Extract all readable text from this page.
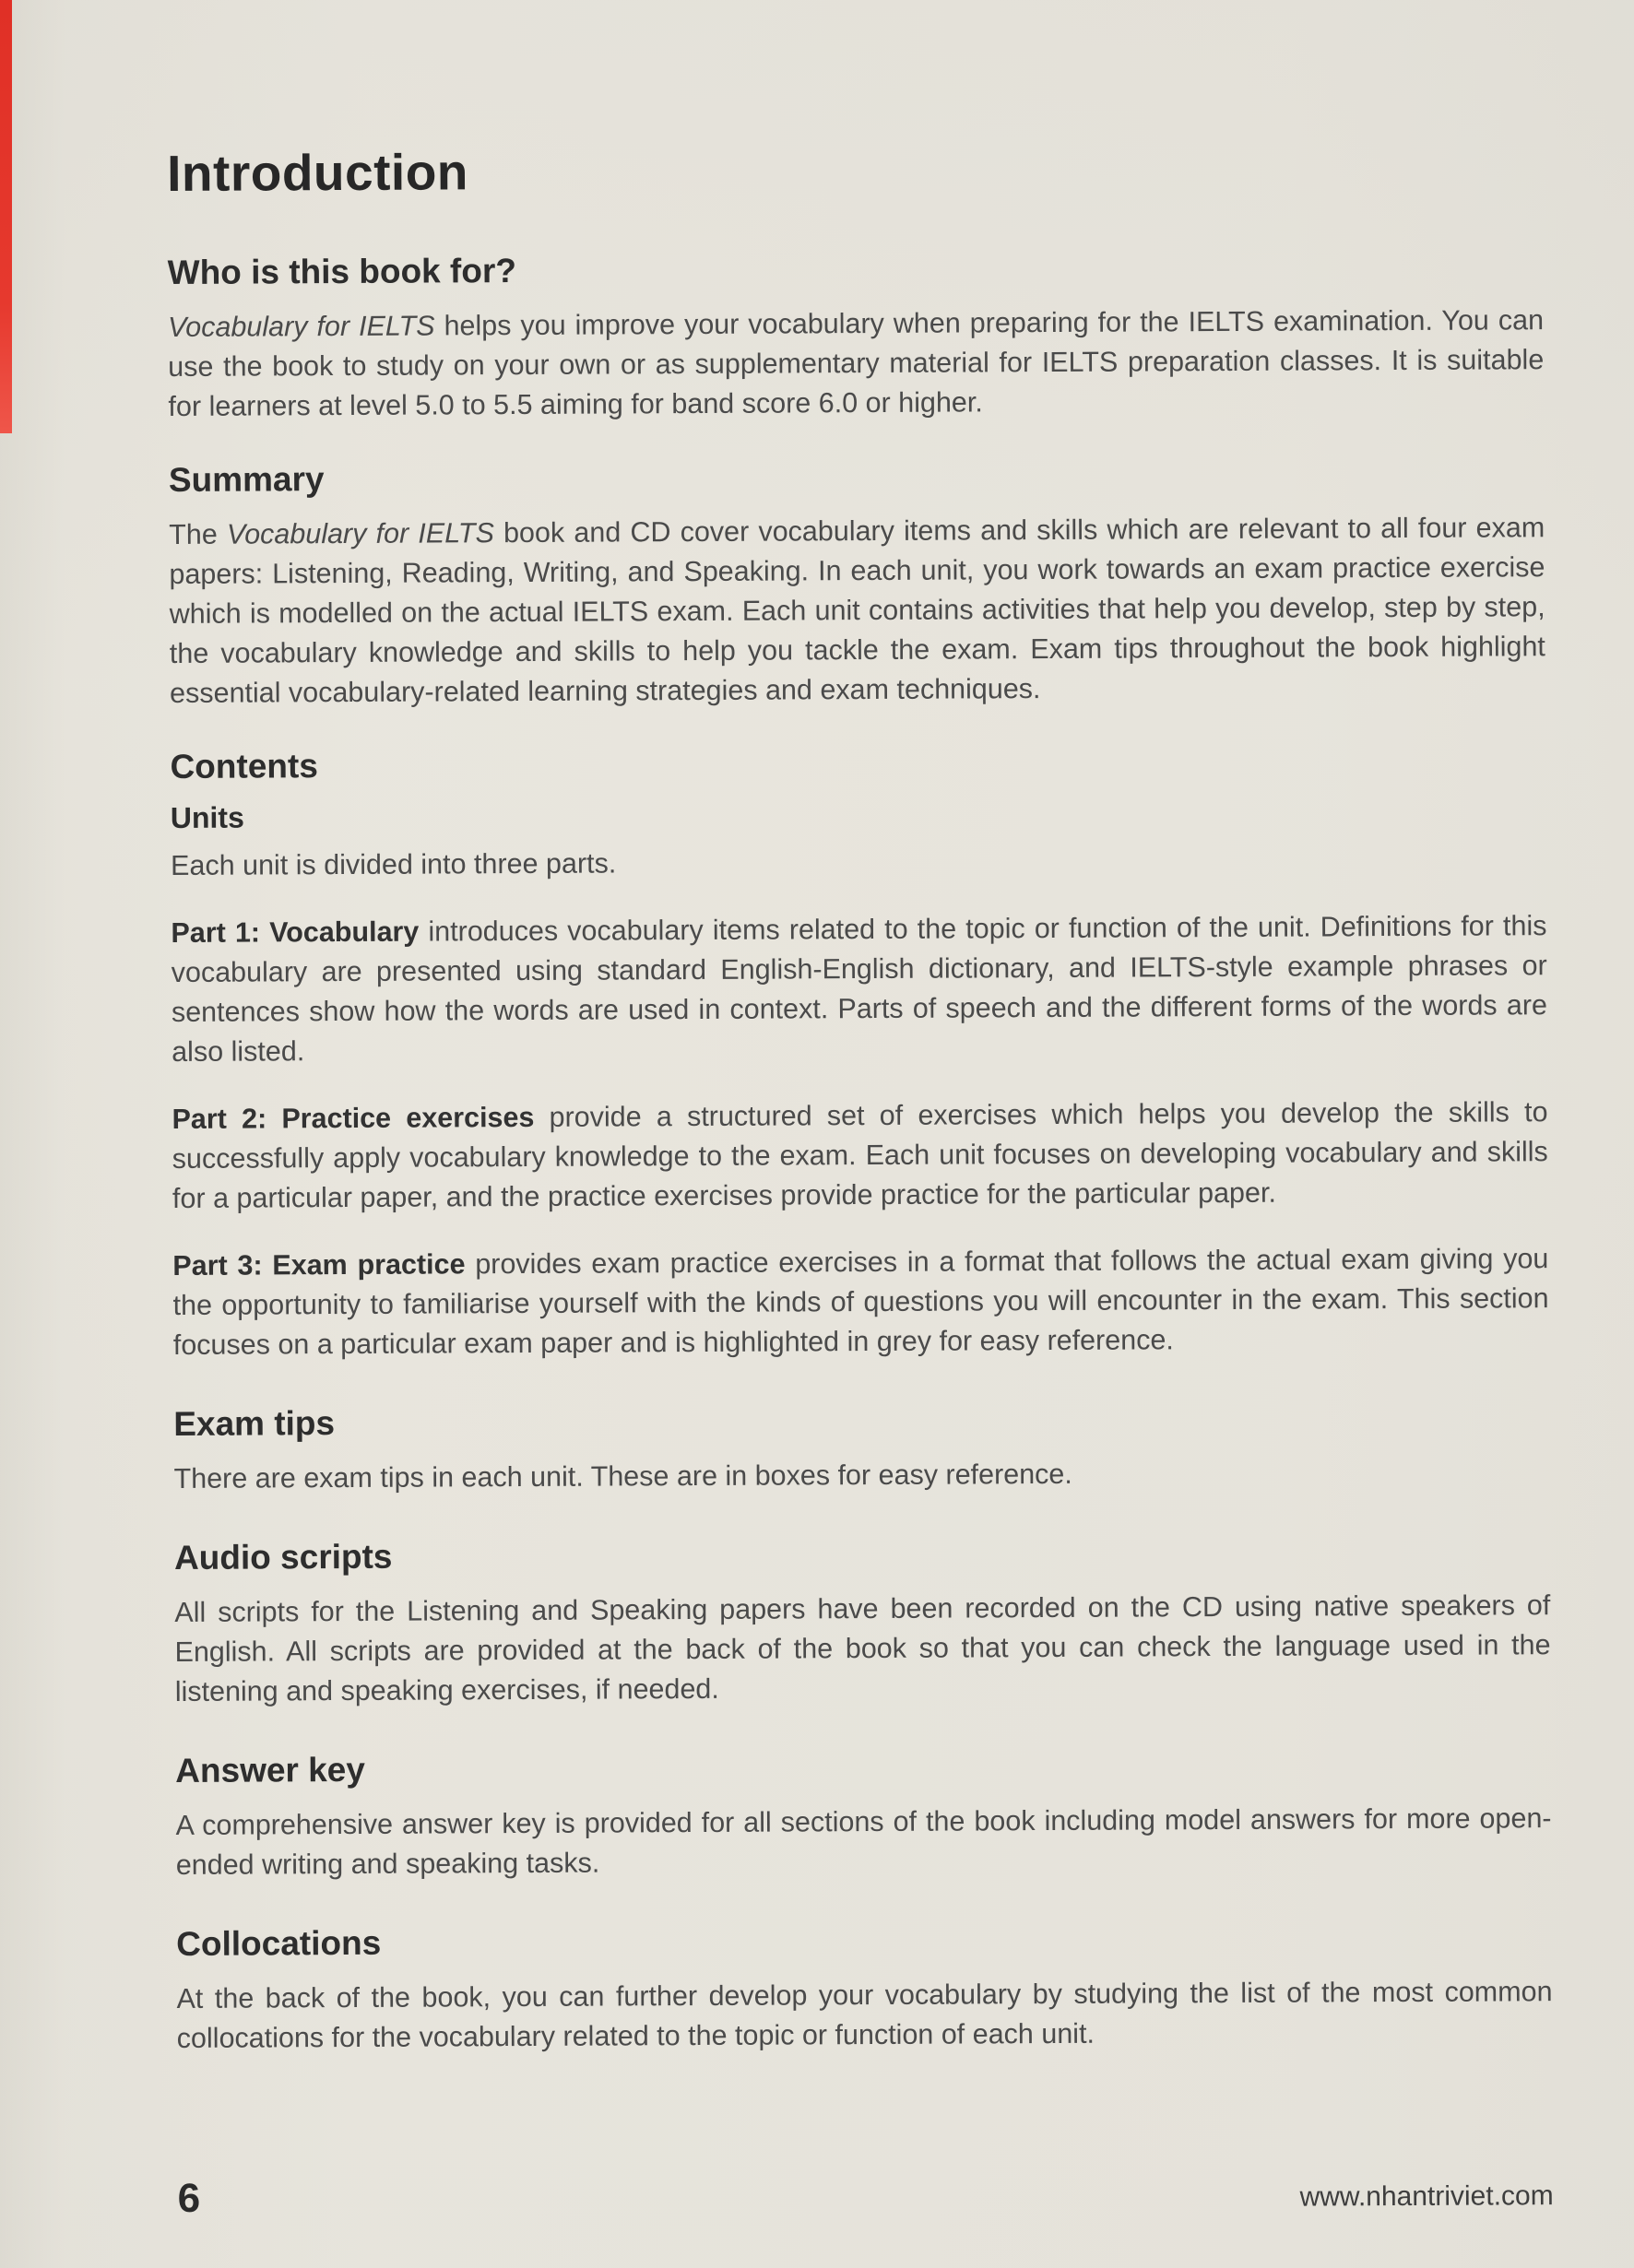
Introduction
Who is this book for?

Vocabulary for IELTS helps you improve your vocabulary when preparing for the IELTS examination. You can use the book to study on your own or as supplementary material for IELTS preparation classes. It is suitable for learners at level 5.0 to 5.5 aiming for band score 6.0 or higher.

Summary

The Vocabulary for IELTS book and CD cover vocabulary items and skills which are relevant to all four exam papers: Listening, Reading, Writing, and Speaking. In each unit, you work towards an exam practice exercise which is modelled on the actual IELTS exam. Each unit contains activities that help you develop, step by step, the vocabulary knowledge and skills to help you tackle the exam. Exam tips throughout the book highlight essential vocabulary-related learning strategies and exam techniques.

Contents
Units

Each unit is divided into three parts.

Part 1: Vocabulary introduces vocabulary items related to the topic or function of the unit. Definitions for this vocabulary are presented using standard English-English dictionary, and IELTS-style example phrases or sentences show how the words are used in context. Parts of speech and the different forms of the words are also listed.

Part 2: Practice exercises provide a structured set of exercises which helps you develop the skills to successfully apply vocabulary knowledge to the exam. Each unit focuses on developing vocabulary and skills for a particular paper, and the practice exercises provide practice for the particular paper.

Part 3: Exam practice provides exam practice exercises in a format that follows the actual exam giving you the opportunity to familiarise yourself with the kinds of questions you will encounter in the exam. This section focuses on a particular exam paper and is highlighted in grey for easy reference.

Exam tips

There are exam tips in each unit. These are in boxes for easy reference.

Audio scripts

All scripts for the Listening and Speaking papers have been recorded on the CD using native speakers of English. All scripts are provided at the back of the book so that you can check the language used in the listening and speaking exercises, if needed.

Answer key

A comprehensive answer key is provided for all sections of the book including model answers for more open-ended writing and speaking tasks.

Collocations

At the back of the book, you can further develop your vocabulary by studying the list of the most common collocations for the vocabulary related to the topic or function of each unit.

6	www.nhantriviet.com
